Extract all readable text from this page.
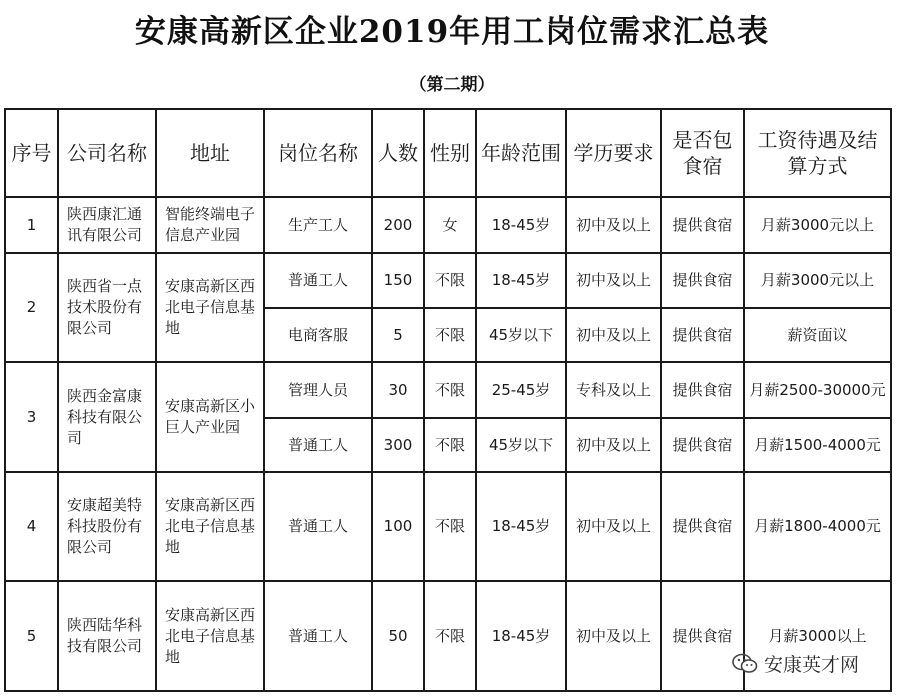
安康高新区企业2019年用工岗位需求汇总表
（第二期）
序号	公司名称	地址	岗位名称	人数	性别	年龄范围	学历要求	是否包食宿	工资待遇及结算方式
1	陕西康汇通讯有限公司	智能终端电子信息产业园	生产工人	200	女	18-45岁	初中及以上	提供食宿	月薪3000元以上
2	陕西省一点技术股份有限公司	安康高新区西北电子信息基地	普通工人	150	不限	18-45岁	初中及以上	提供食宿	月薪3000元以上
			电商客服	5	不限	45岁以下	初中及以上	提供食宿	薪资面议
3	陕西金富康科技有限公司	安康高新区小巨人产业园	管理人员	30	不限	25-45岁	专科及以上	提供食宿	月薪2500-30000元
			普通工人	300	不限	45岁以下	初中及以上	提供食宿	月薪1500-4000元
4	安康超美特科技股份有限公司	安康高新区西北电子信息基地	普通工人	100	不限	18-45岁	初中及以上	提供食宿	月薪1800-4000元
5	陕西陆华科技有限公司	安康高新区西北电子信息基地	普通工人	50	不限	18-45岁	初中及以上	提供食宿	月薪3000以上
安康英才网
